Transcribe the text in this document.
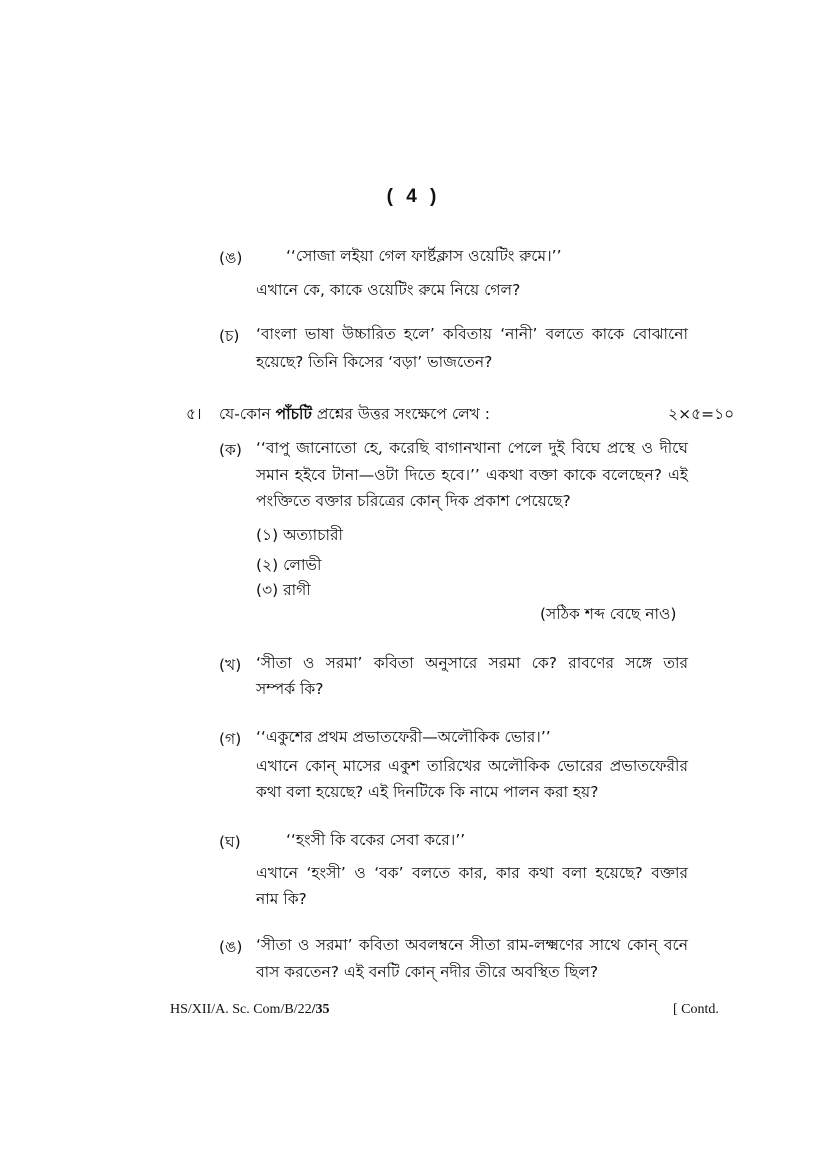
( 4 )
(ঙ)	‘‘সোজা লইয়া গেল ফার্ষ্টক্লাস ওয়েটিং রুমে।’’
এখানে কে, কাকে ওয়েটিং রুমে নিয়ে গেল?
(চ) ‘বাংলা ভাষা উচ্চারিত হলে’ কবিতায় ‘নানী’ বলতে কাকে বোঝানো
হয়েছে? তিনি কিসের ‘বড়া’ ভাজতেন?
৫। যে-কোন পাঁচটি প্রশ্নের উত্তর সংক্ষেপে লেখ :	২×৫=১০
(ক) ‘‘বাপু জানোতো হে, করেছি বাগানখানা পেলে দুই বিঘে প্রস্থে ও দীঘে
সমান হইবে টানা—ওটা দিতে হবে।’’ একথা বক্তা কাকে বলেছেন? এই
পংক্তিতে বক্তার চরিত্রের কোন্ দিক প্রকাশ পেয়েছে?
(১) অত্যাচারী
(২) লোভী
(৩) রাগী
(সঠিক শব্দ বেছে নাও)
(খ) ‘সীতা ও সরমা’ কবিতা অনুসারে সরমা কে? রাবণের সঙ্গে তার
সম্পর্ক কি?
(গ) ‘‘একুশের প্রথম প্রভাতফেরী—অলৌকিক ভোর।’’
এখানে কোন্ মাসের একুশ তারিখের অলৌকিক ভোরের প্রভাতফেরীর
কথা বলা হয়েছে? এই দিনটিকে কি নামে পালন করা হয়?
(ঘ)	‘‘হংসী কি বকের সেবা করে।’’
এখানে ‘হংসী’ ও ‘বক’ বলতে কার, কার কথা বলা হয়েছে? বক্তার
নাম কি?
(ঙ) ‘সীতা ও সরমা’ কবিতা অবলম্বনে সীতা রাম-লক্ষ্মণের সাথে কোন্ বনে
বাস করতেন? এই বনটি কোন্ নদীর তীরে অবস্থিত ছিল?
HS/XII/A. Sc. Com/B/22/35	[ Contd.
